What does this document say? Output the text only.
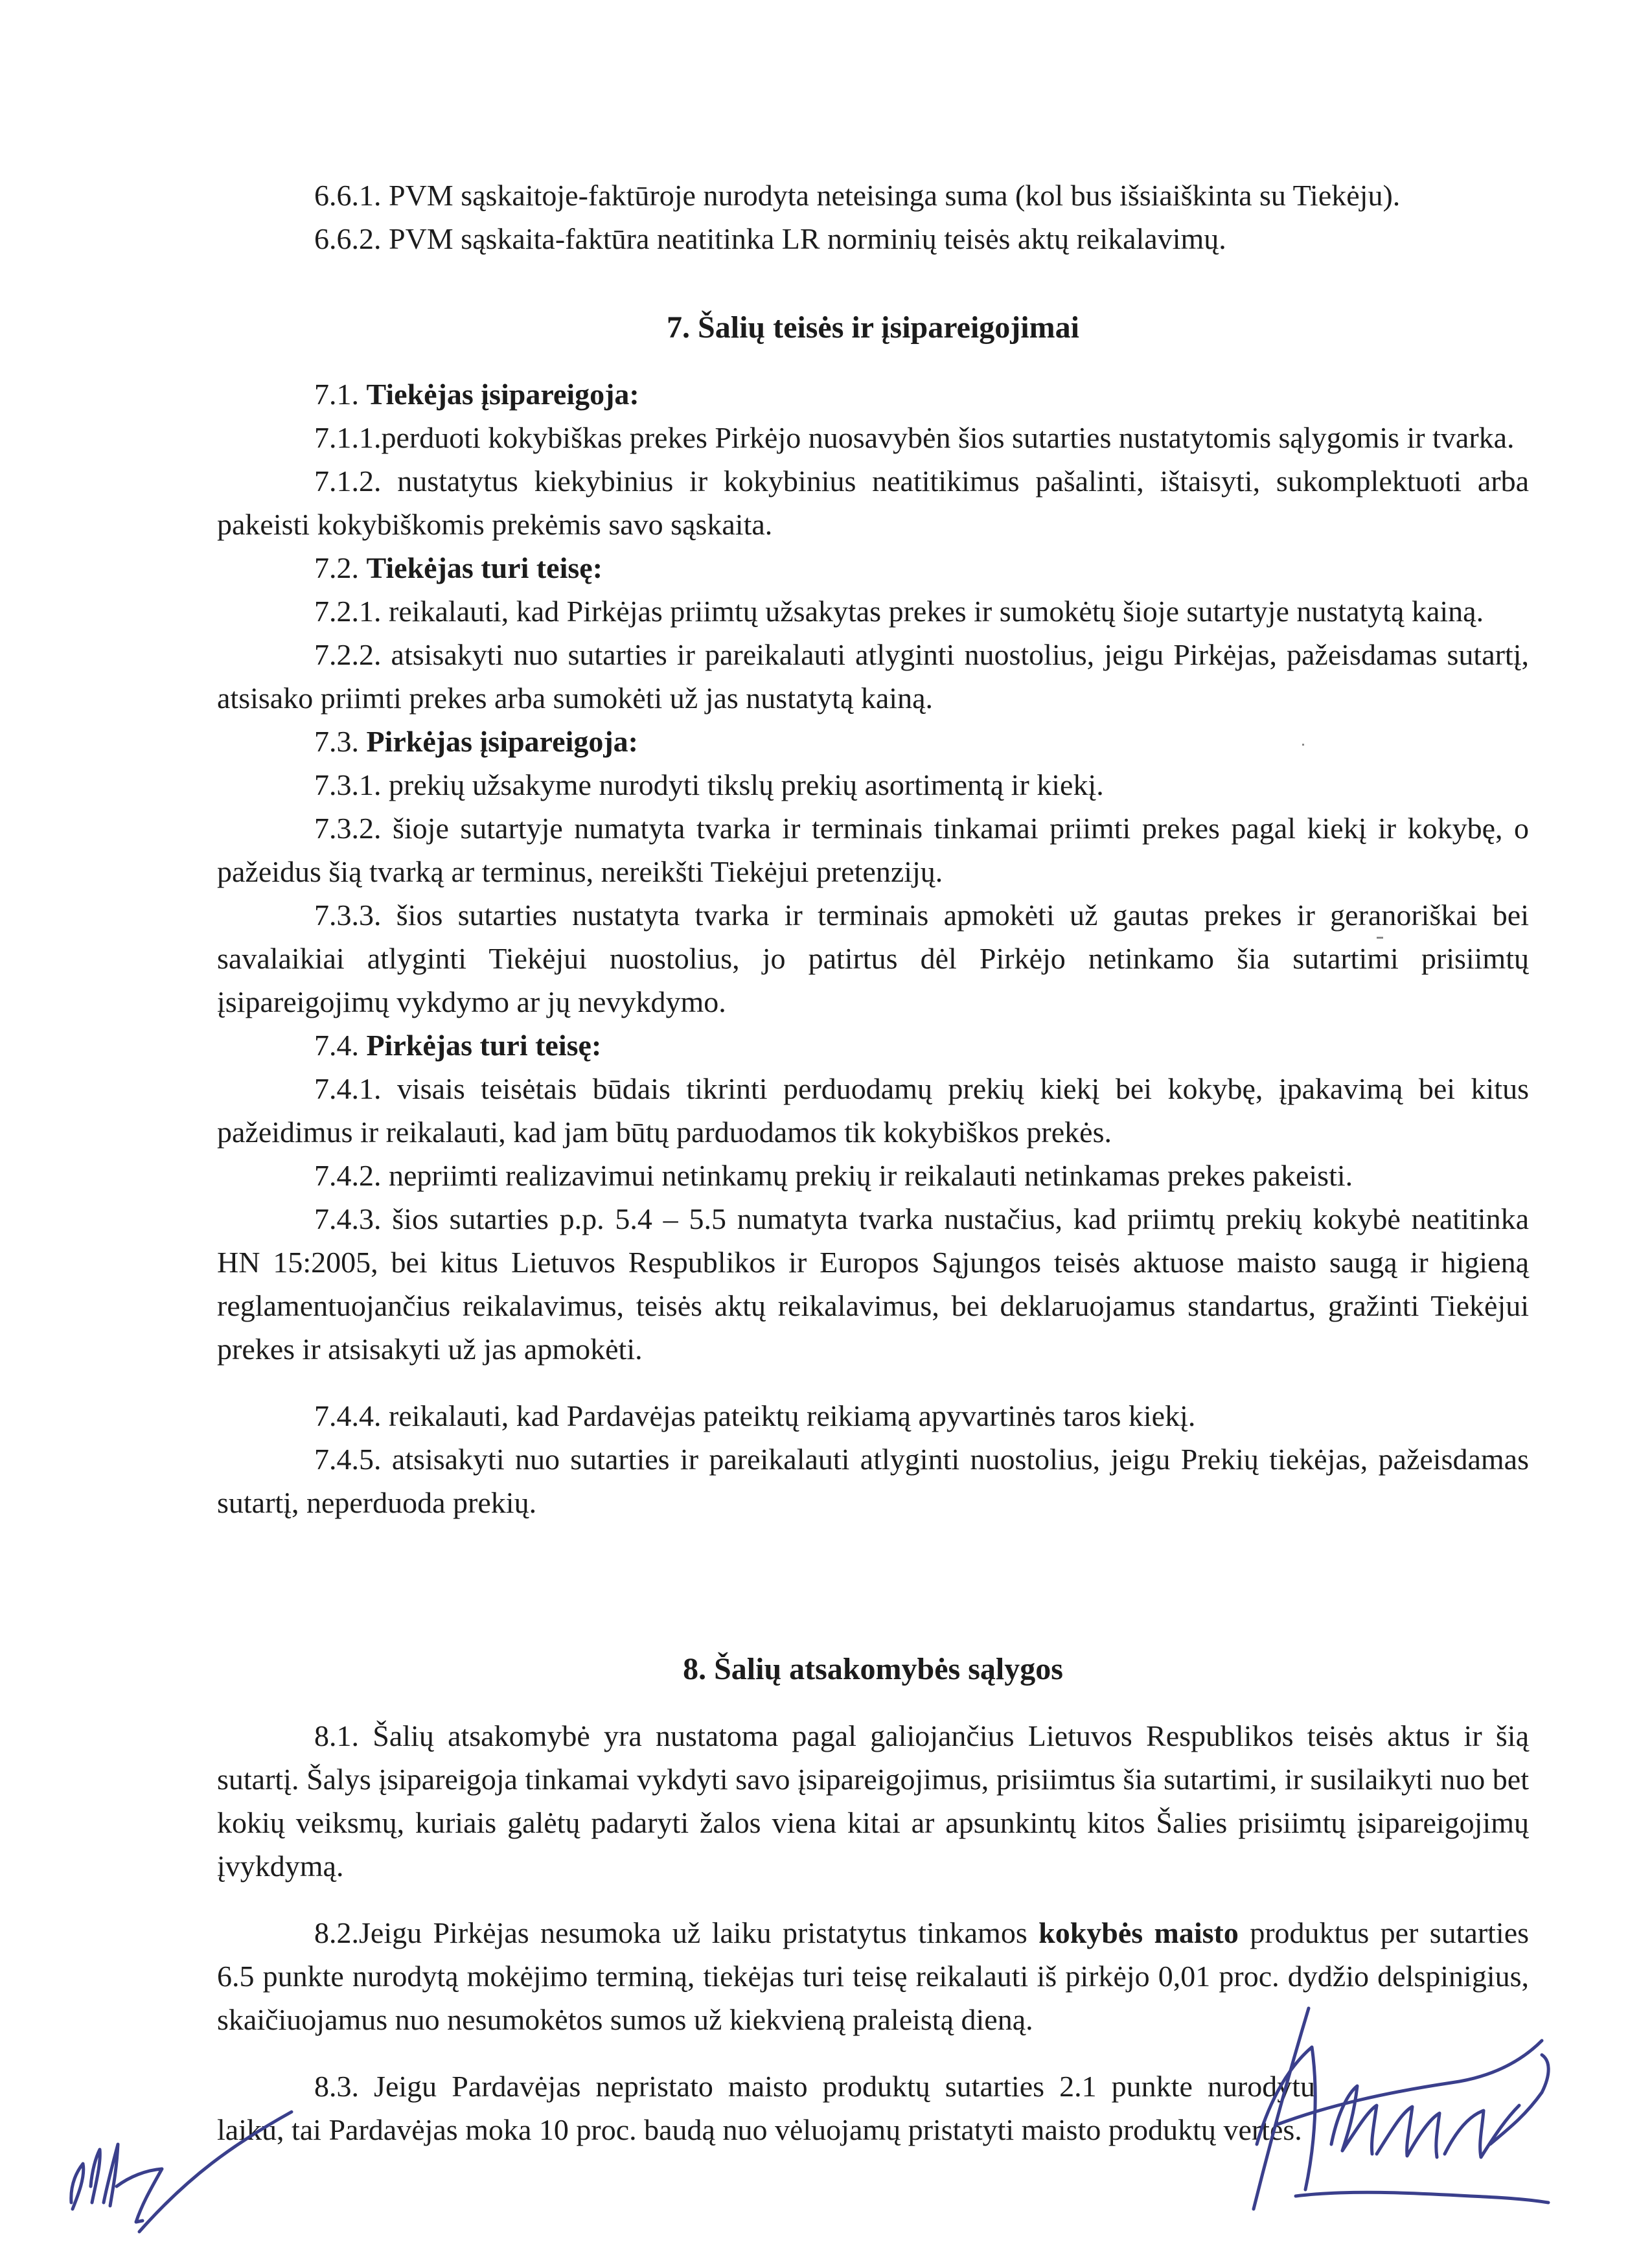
6.6.1. PVM sąskaitoje-faktūroje nurodyta neteisinga suma (kol bus išsiaiškinta su Tiekėju).

6.6.2. PVM sąskaita-faktūra neatitinka LR norminių teisės aktų reikalavimų.

7. Šalių teisės ir įsipareigojimai

7.1. Tiekėjas įsipareigoja:

7.1.1.perduoti kokybiškas prekes Pirkėjo nuosavybėn šios sutarties nustatytomis sąlygomis ir tvarka.

7.1.2. nustatytus kiekybinius ir kokybinius neatitikimus pašalinti, ištaisyti, sukomplektuoti arba pakeisti kokybiškomis prekėmis savo sąskaita.

7.2. Tiekėjas turi teisę:

7.2.1. reikalauti, kad Pirkėjas priimtų užsakytas prekes ir sumokėtų šioje sutartyje nustatytą kainą.

7.2.2. atsisakyti nuo sutarties ir pareikalauti atlyginti nuostolius, jeigu Pirkėjas, pažeisdamas sutartį, atsisako priimti prekes arba sumokėti už jas nustatytą kainą.

7.3. Pirkėjas įsipareigoja:

7.3.1. prekių užsakyme nurodyti tikslų prekių asortimentą ir kiekį.

7.3.2. šioje sutartyje numatyta tvarka ir terminais tinkamai priimti prekes pagal kiekį ir kokybę, o pažeidus šią tvarką ar terminus, nereikšti Tiekėjui pretenzijų.

7.3.3. šios sutarties nustatyta tvarka ir terminais apmokėti už gautas prekes ir geranoriškai bei savalaikiai atlyginti Tiekėjui nuostolius, jo patirtus dėl Pirkėjo netinkamo šia sutartimi prisiimtų įsipareigojimų vykdymo ar jų nevykdymo.

7.4. Pirkėjas turi teisę:

7.4.1. visais teisėtais būdais tikrinti perduodamų prekių kiekį bei kokybę, įpakavimą bei kitus pažeidimus ir reikalauti, kad jam būtų parduodamos tik kokybiškos prekės.

7.4.2. nepriimti realizavimui netinkamų prekių ir reikalauti netinkamas prekes pakeisti.

7.4.3. šios sutarties p.p. 5.4 – 5.5 numatyta tvarka nustačius, kad priimtų prekių kokybė neatitinka HN 15:2005, bei kitus Lietuvos Respublikos ir Europos Sąjungos teisės aktuose maisto saugą ir higieną reglamentuojančius reikalavimus, teisės aktų reikalavimus, bei deklaruojamus standartus, gražinti Tiekėjui prekes ir atsisakyti už jas apmokėti.

7.4.4. reikalauti, kad Pardavėjas pateiktų reikiamą apyvartinės taros kiekį.

7.4.5. atsisakyti nuo sutarties ir pareikalauti atlyginti nuostolius, jeigu Prekių tiekėjas, pažeisdamas sutartį, neperduoda prekių.

8. Šalių atsakomybės sąlygos

8.1. Šalių atsakomybė yra nustatoma pagal galiojančius Lietuvos Respublikos teisės aktus ir šią sutartį. Šalys įsipareigoja tinkamai vykdyti savo įsipareigojimus, prisiimtus šia sutartimi, ir susilaikyti nuo bet kokių veiksmų, kuriais galėtų padaryti žalos viena kitai ar apsunkintų kitos Šalies prisiimtų įsipareigojimų įvykdymą.

8.2.Jeigu Pirkėjas nesumoka už laiku pristatytus tinkamos kokybės maisto produktus per sutarties 6.5 punkte nurodytą mokėjimo terminą, tiekėjas turi teisę reikalauti iš pirkėjo 0,01 proc. dydžio delspinigius, skaičiuojamus nuo nesumokėtos sumos už kiekvieną praleistą dieną.

8.3. Jeigu Pardavėjas nepristato maisto produktų sutarties 2.1 punkte nurodytu laiku, tai Pardavėjas moka 10 proc. baudą nuo vėluojamų pristatyti maisto produktų vertės.
